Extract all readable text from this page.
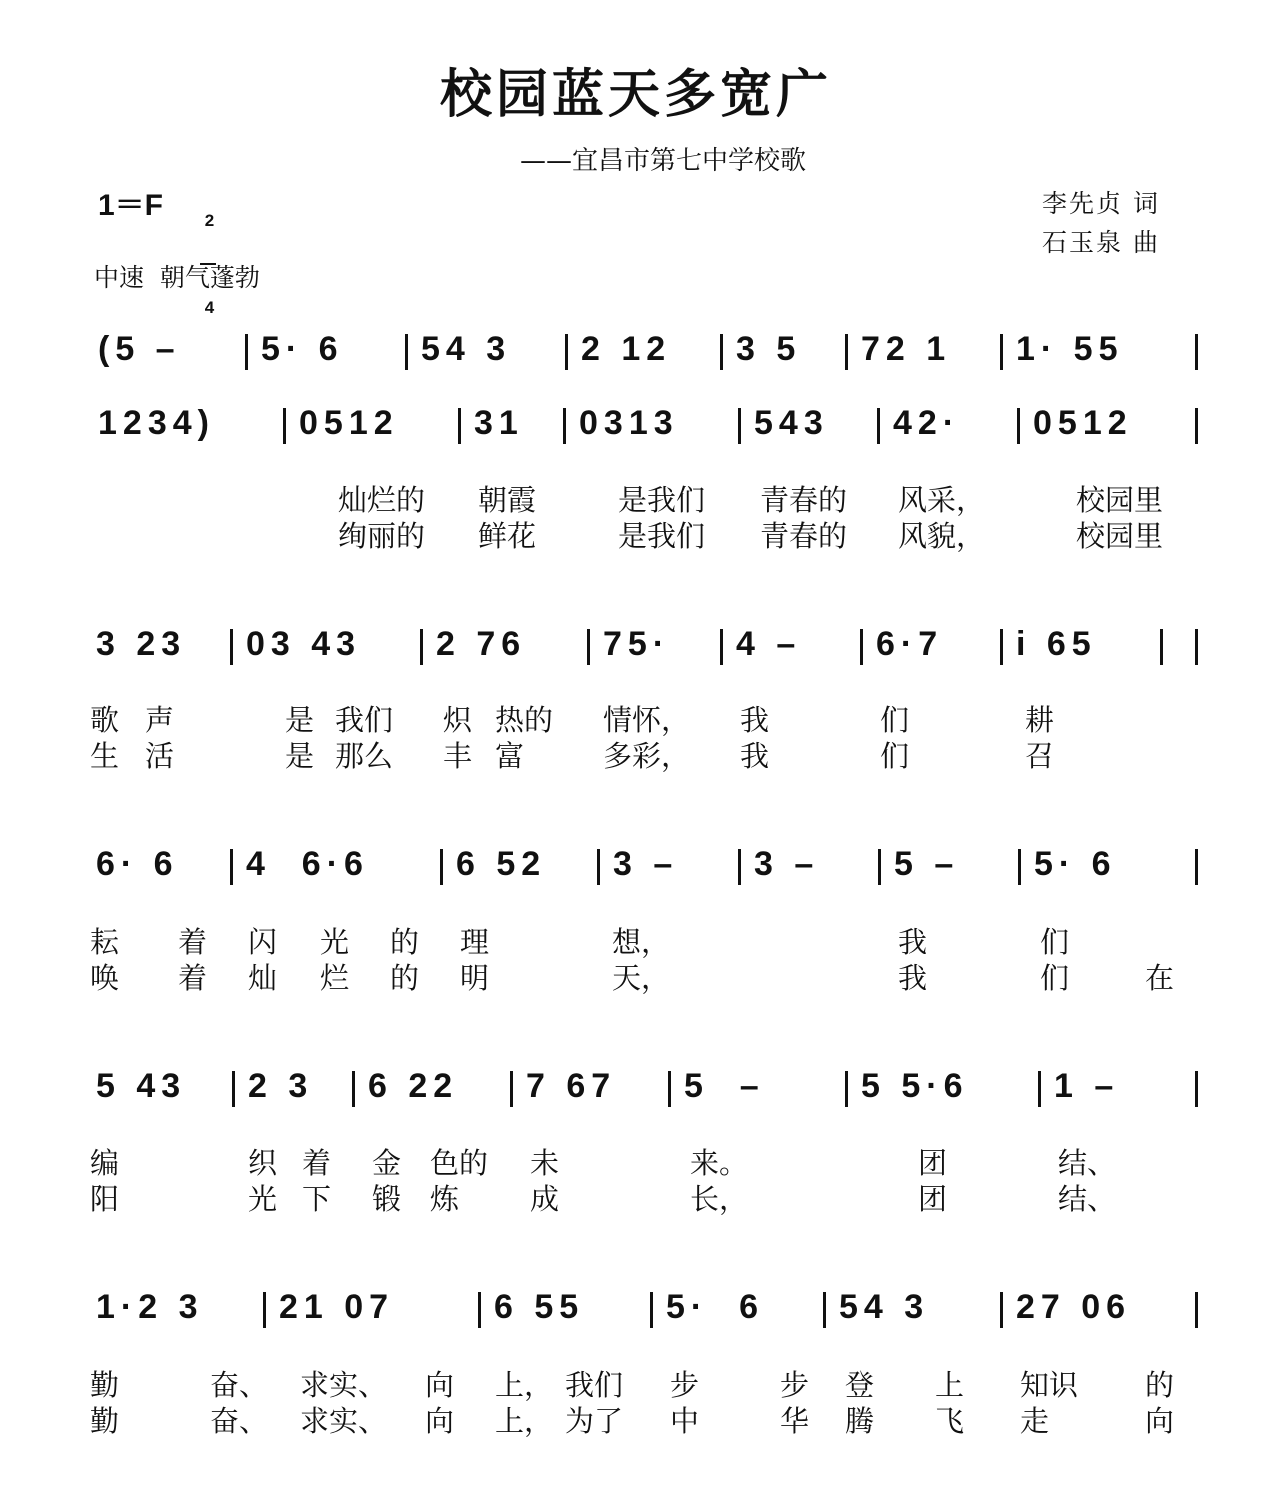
校园蓝天多宽广
——宜昌市第七中学校歌
1＝F

2

4

中速  朝气蓬勃
李先贞 词
石玉泉 曲
(5 – 5· 6 54 3 2 12 3 5 72 1 1· 55
1234) 0512 31 0313 543 42· 0512
灿烂的 朝霞	是我们 青春的 风采，	校园里
绚丽的 鲜花	是我们 青春的 风貌，	校园里
3 23 03 43 2 76 75· 4 – 6·7 i 65
歌 声	是 我们 炽 热的 情怀， 我	们	耕
生 活	是 那么 丰 富	多彩， 我	们	召
6· 6 4  6·6	6 52 3 – 3 – 5 – 5· 6
耘 着 闪 光 的 理	想，	我	们
唤 着 灿 烂 的 明	天，	我	们	在
5 43 2 3 6 22 7 67 5  –	5 5·6	1 –
编	织 着 金 色的 未	来。	团	结、
阳	光 下 锻 炼 成	长，	团	结、
1·2 3 21 07	6 55 5·  6 54 3	27 06
勤	奋、 求实、 向 上， 我们 步	步 登 上 知识 的
勤	奋、 求实、 向 上， 为了 中	华 腾 飞 走	向
